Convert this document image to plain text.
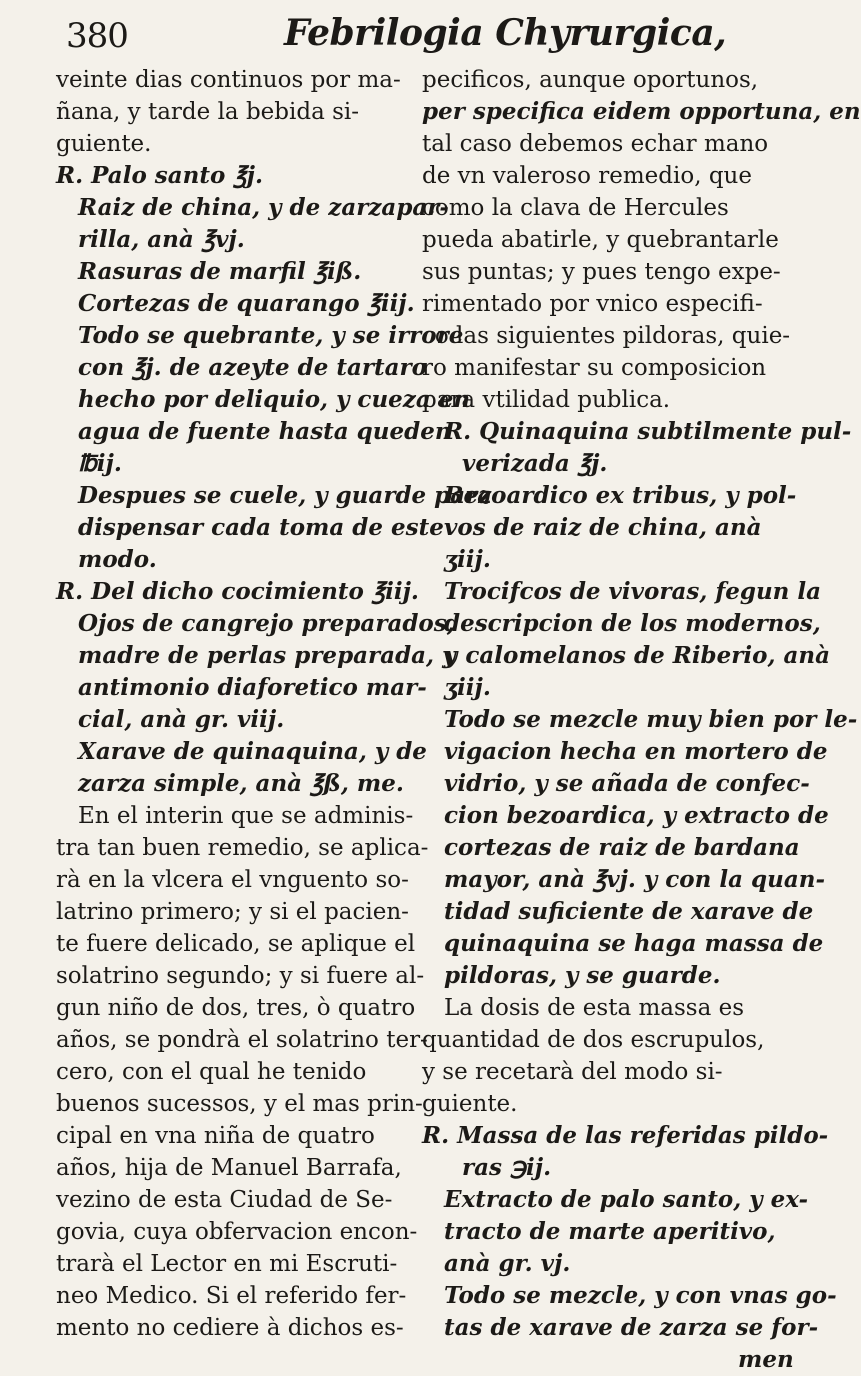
380	Febrilogia Chyrurgica,
veinte dias continuos por ma-
ñana, y tarde la bebida si-
guiente.
R. Palo santo ℥j.
Raiz de china, y de zarzapar-
rilla, anà ℥vj.
Rasuras de marfil ℥iß.
Cortezas de quarango ℥iij.
Todo se quebrante, y se irrore
con ℥j. de azeyte de tartaro
hecho por deliquio, y cueza en
agua de fuente hasta queden
℔ij.
Despues se cuele, y guarde para
dispensar cada toma de este
modo.
R. Del dicho cocimiento ℥iij.
Ojos de cangrejo preparados,
madre de perlas preparada, y
antimonio diaforetico mar-
cial, anà gr. viij.
Xarave de quinaquina, y de
zarza simple, anà ℥ß, me.
En el interin que se adminis-
tra tan buen remedio, se aplica-
rà en la vlcera el vnguento so-
latrino primero; y si el pacien-
te fuere delicado, se aplique el
solatrino segundo; y si fuere al-
gun niño de dos, tres, ò quatro
años, se pondrà el solatrino ter-
cero, con el qual he tenido
buenos sucessos, y el mas prin-
cipal en vna niña de quatro
años, hija de Manuel Barrafa,
vezino de esta Ciudad de Se-
govia, cuya obfervacion encon-
trarà el Lector en mi Escruti-
neo Medico. Si el referido fer-
mento no cediere à dichos es-
pecificos, aunque oportunos,
per specifica eidem opportuna, en
tal caso debemos echar mano
de vn valeroso remedio, que
como la clava de Hercules
pueda abatirle, y quebrantarle
sus puntas; y pues tengo expe-
rimentado por vnico especifi-
co las siguientes pildoras, quie-
ro manifestar su composicion
para vtilidad publica.
R. Quinaquina subtilmente pul-
verizada ℥j.
Bezoardico ex tribus, y pol-
vos de raiz de china, anà
ʒiij.
Trocifcos de vivoras, fegun la
descripcion de los modernos,
y calomelanos de Riberio, anà
ʒiij.
Todo se mezcle muy bien por le-
vigacion hecha en mortero de
vidrio, y se añada de confec-
cion bezoardica, y extracto de
cortezas de raiz de bardana
mayor, anà ℥vj. y con la quan-
tidad suficiente de xarave de
quinaquina se haga massa de
pildoras, y se guarde.
La dosis de esta massa es
quantidad de dos escrupulos,
y se recetarà del modo si-
guiente.
R. Massa de las referidas pildo-
ras ℈ij.
Extracto de palo santo, y ex-
tracto de marte aperitivo,
anà gr. vj.
Todo se mezcle, y con vnas go-
tas de xarave de zarza se for-
men
